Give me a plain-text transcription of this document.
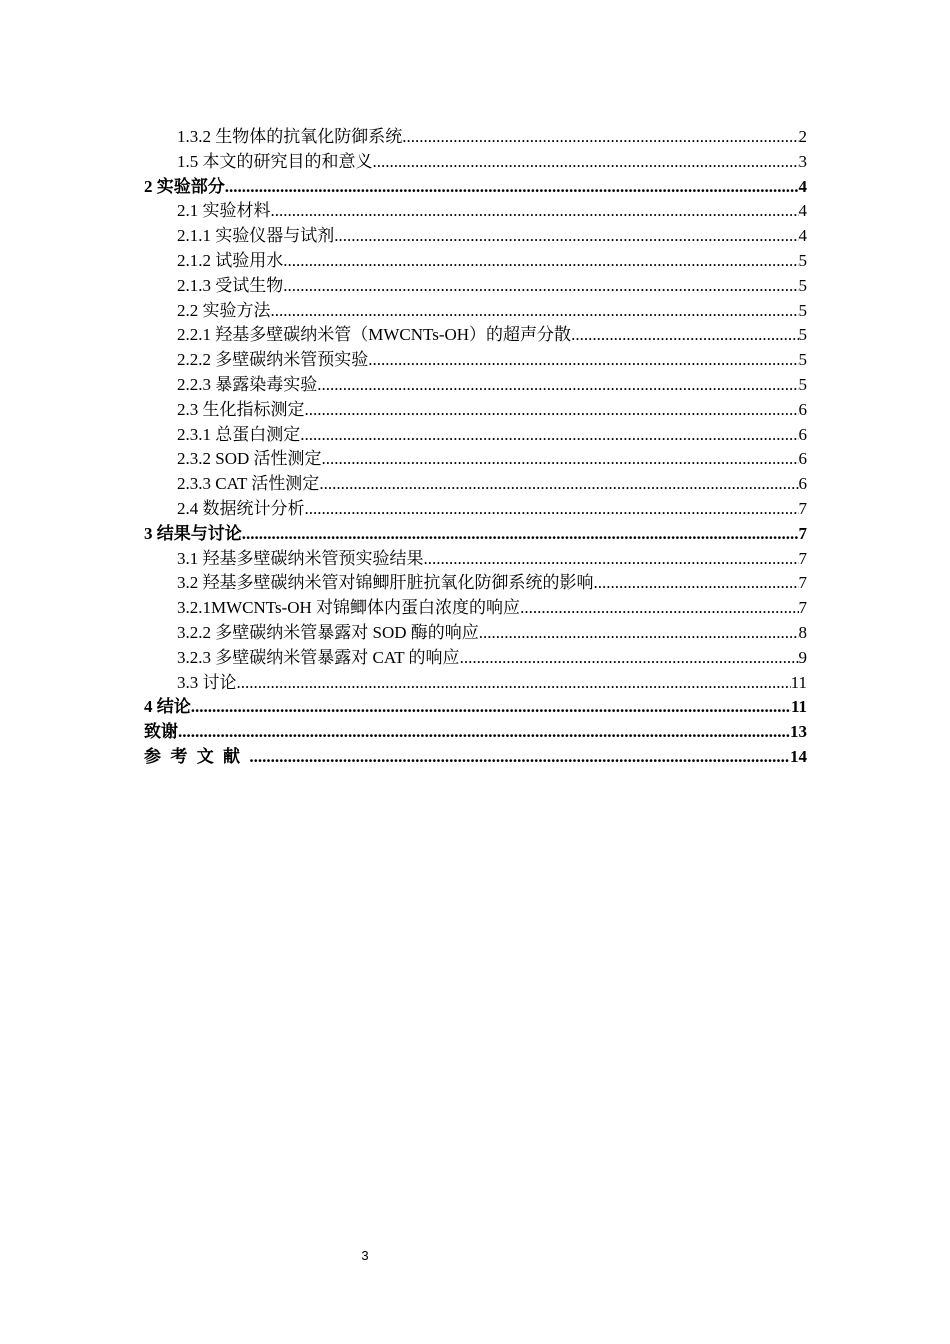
1.3.2 生物体的抗氧化防御系统 .....	2
1.5 本文的研究目的和意义 .....	3
2 实验部分 .....	4
2.1 实验材料 .....	4
2.1.1 实验仪器与试剂 .....	4
2.1.2 试验用水 .....	5
2.1.3 受试生物 .....	5
2.2 实验方法 .....	5
2.2.1 羟基多壁碳纳米管（MWCNTs-OH）的超声分散 .....	5
2.2.2 多壁碳纳米管预实验 .....	5
2.2.3 暴露染毒实验 .....	5
2.3 生化指标测定 .....	6
2.3.1 总蛋白测定 .....	6
2.3.2 SOD 活性测定 .....	6
2.3.3 CAT 活性测定 .....	6
2.4 数据统计分析 .....	7
3 结果与讨论 .....	7
3.1 羟基多壁碳纳米管预实验结果 .....	7
3.2 羟基多壁碳纳米管对锦鲫肝脏抗氧化防御系统的影响 .....	7
3.2.1MWCNTs-OH 对锦鲫体内蛋白浓度的响应 .....	7
3.2.2 多壁碳纳米管暴露对 SOD 酶的响应 .....	8
3.2.3 多壁碳纳米管暴露对 CAT 的响应 .....	9
3.3 讨论 .....	11
4 结论 .....	11
致谢 .....	13
参考文献 .....	14
3
